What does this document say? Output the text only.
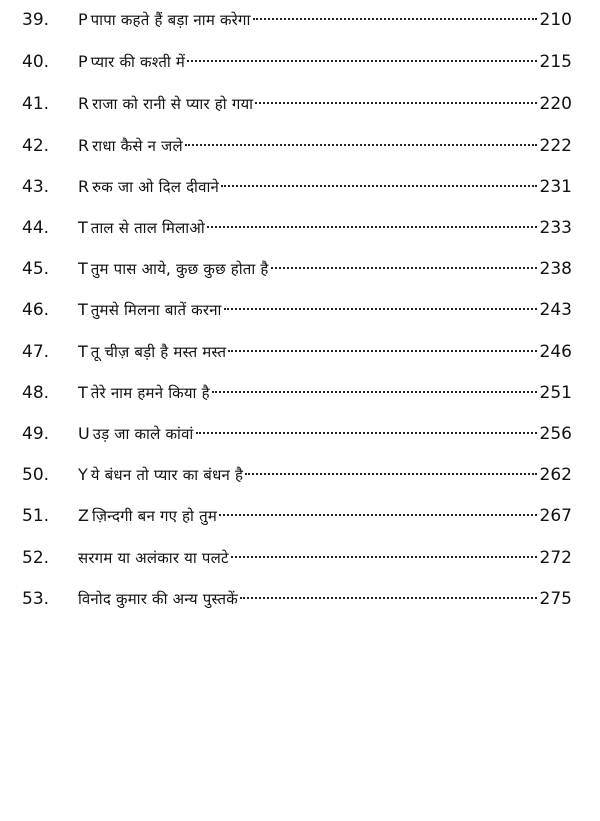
39. P पापा कहते हैं बड़ा नाम करेगा	210
40. P प्यार की कश्ती में	215
41. R राजा को रानी से प्यार हो गया	220
42. R राधा कैसे न जले	222
43. R रुक जा ओ दिल दीवाने	231
44. T ताल से ताल मिलाओ	233
45. T तुम पास आये, कुछ कुछ होता है	238
46. T तुमसे मिलना बातें करना	243
47. T तू चीज़ बड़ी है मस्त मस्त	246
48. T तेरे नाम हमने किया है	251
49. U उड़ जा काले कांवां	256
50. Y ये बंधन तो प्यार का बंधन है	262
51. Z ज़िन्दगी बन गए हो तुम	267
52. सरगम या अलंकार या पलटे	272
53. विनोद कुमार की अन्य पुस्तकें	275
